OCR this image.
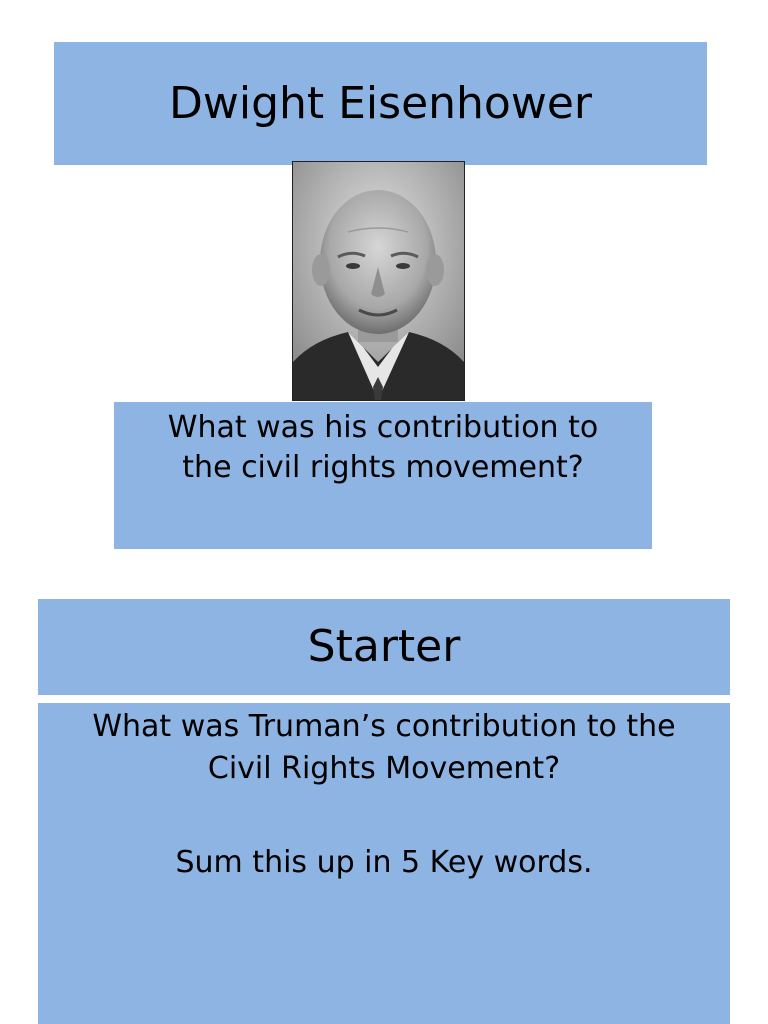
Dwight Eisenhower

What was his contribution to
the civil rights movement?

Starter

What was Truman’s contribution to the
Civil Rights Movement?

Sum this up in 5 Key words.
